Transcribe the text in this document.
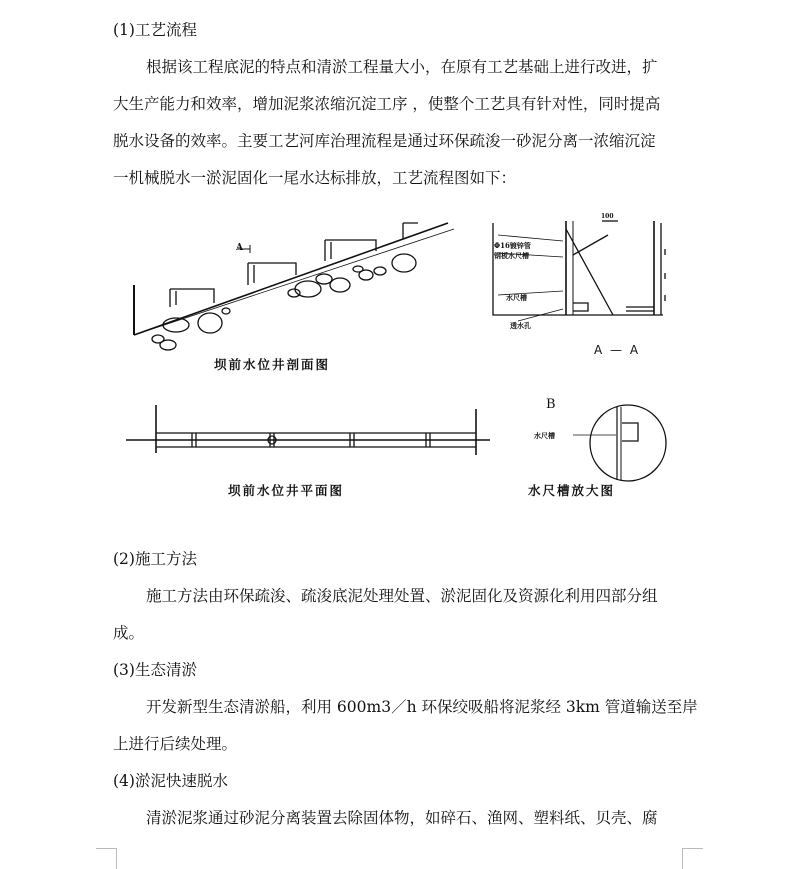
(1)工艺流程
根据该工程底泥的特点和清淤工程量大小，在原有工艺基础上进行改进，扩
大生产能力和效率，增加泥浆浓缩沉淀工序 ，使整个工艺具有针对性，同时提高
脱水设备的效率。主要工艺河库治理流程是通过环保疏浚一砂泥分离一浓缩沉淀
一机械脱水一淤泥固化一尾水达标排放，工艺流程图如下：
坝前水位井剖面图
A — A
A
坝前水位井平面图	水尺槽放大图
B
Φ16镀锌管
钢板水尺槽
水尺槽
透水孔
水尺槽
100
(2)施工方法
施工方法由环保疏浚、疏浚底泥处理处置、淤泥固化及资源化利用四部分组
成。
(3)生态清淤
开发新型生态清淤船，利用 600m3／h 环保绞吸船将泥浆经 3km 管道输送至岸
上进行后续处理。
(4)淤泥快速脱水
清淤泥浆通过砂泥分离装置去除固体物，如碎石、渔网、塑料纸、贝壳、腐
